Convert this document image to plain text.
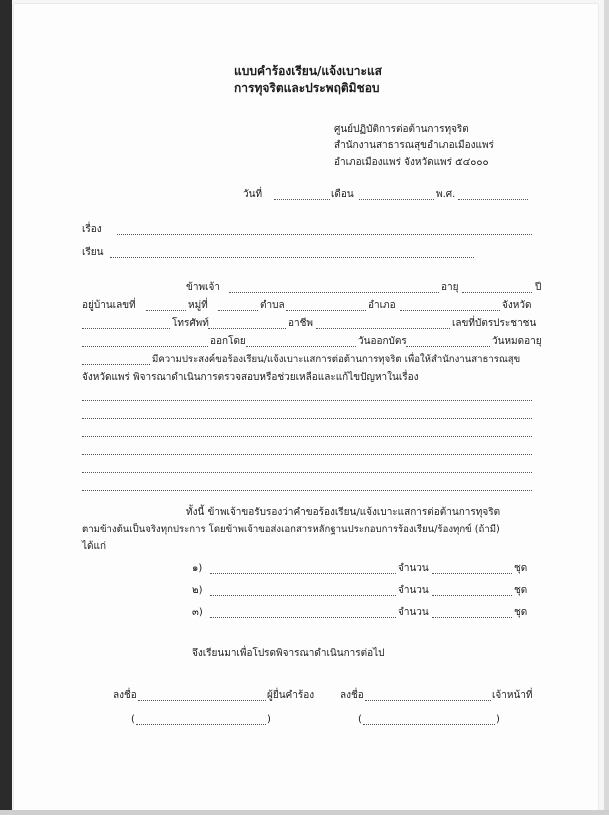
แบบคำร้องเรียน/แจ้งเบาะแส
การทุจริตและประพฤติมิชอบ
ศูนย์ปฏิบัติการต่อต้านการทุจริต
สำนักงานสาธารณสุขอำเภอเมืองแพร่
อำเภอเมืองแพร่ จังหวัดแพร่ ๕๔๐๐๐
วันที่	เดือน	พ.ศ.
เรื่อง
เรียน
ข้าพเจ้า	อายุ	ปี
อยู่บ้านเลขที่	หมู่ที่	ตำบล	อำเภอ	จังหวัด
โทรศัพท์	อาชีพ	เลขที่บัตรประชาชน
ออกโดย	วันออกบัตร	วันหมดอายุ
มีความประสงค์ขอร้องเรียน/แจ้งเบาะแสการต่อต้านการทุจริต เพื่อให้สำนักงานสาธารณสุข
จังหวัดแพร่ พิจารณาดำเนินการตรวจสอบหรือช่วยเหลือและแก้ไขปัญหาในเรื่อง
ทั้งนี้ ข้าพเจ้าขอรับรองว่าคำขอร้องเรียน/แจ้งเบาะแสการต่อต้านการทุจริต
ตามข้างต้นเป็นจริงทุกประการ โดยข้าพเจ้าขอส่งเอกสารหลักฐานประกอบการร้องเรียน/ร้องทุกข์ (ถ้ามี)
ได้แก่
๑)	จำนวน	ชุด
๒)	จำนวน	ชุด
๓)	จำนวน	ชุด
จึงเรียนมาเพื่อโปรดพิจารณาดำเนินการต่อไป
ลงชื่อ	ผู้ยื่นคำร้อง
(	)
ลงชื่อ	เจ้าหน้าที่
(	)
